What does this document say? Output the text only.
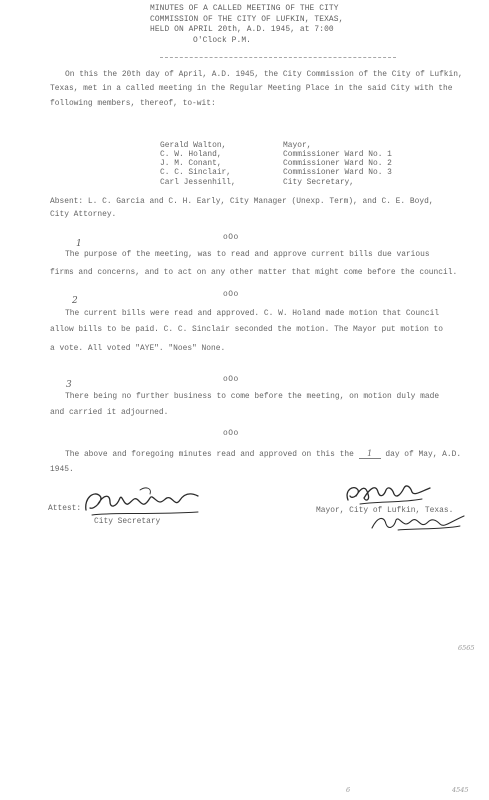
MINUTES OF A CALLED MEETING OF THE CITY
COMMISSION OF THE CITY OF LUFKIN, TEXAS,
HELD ON APRIL 20th, A.D. 1945, at 7:00
O'Clock P.M.
On this the 20th day of April, A.D. 1945, the City Commission of the City of Lufkin,
Texas, met in a called meeting in the Regular Meeting Place in the said City with the
following members, thereof, to-wit:
Gerald Walton,	Mayor,
C. W. Holand,	Commissioner Ward No. 1
J. M. Conant,	Commissioner Ward No. 2
C. C. Sinclair,	Commissioner Ward No. 3
Carl Jessenhill,	City Secretary,
Absent: L. C. Garcia and C. H. Early, City Manager (Unexp. Term), and C. E. Boyd,
City Attorney.
oOo
1
The purpose of the meeting, was to read and approve current bills due various
firms and concerns, and to act on any other matter that might come before the council.
oOo
2
The current bills were read and approved. C. W. Holand made motion that Council
allow bills to be paid. C. C. Sinclair seconded the motion. The Mayor put motion to
a vote. All voted "AYE". "Noes" None.
oOo
3
There being no further business to come before the meeting, on motion duly made
and carried it adjourned.
oOo
The above and foregoing minutes read and approved on this the 1 day of May, A.D.
1945.
Attest:
City Secretary
Mayor, City of Lufkin, Texas.
6565
6	4545
